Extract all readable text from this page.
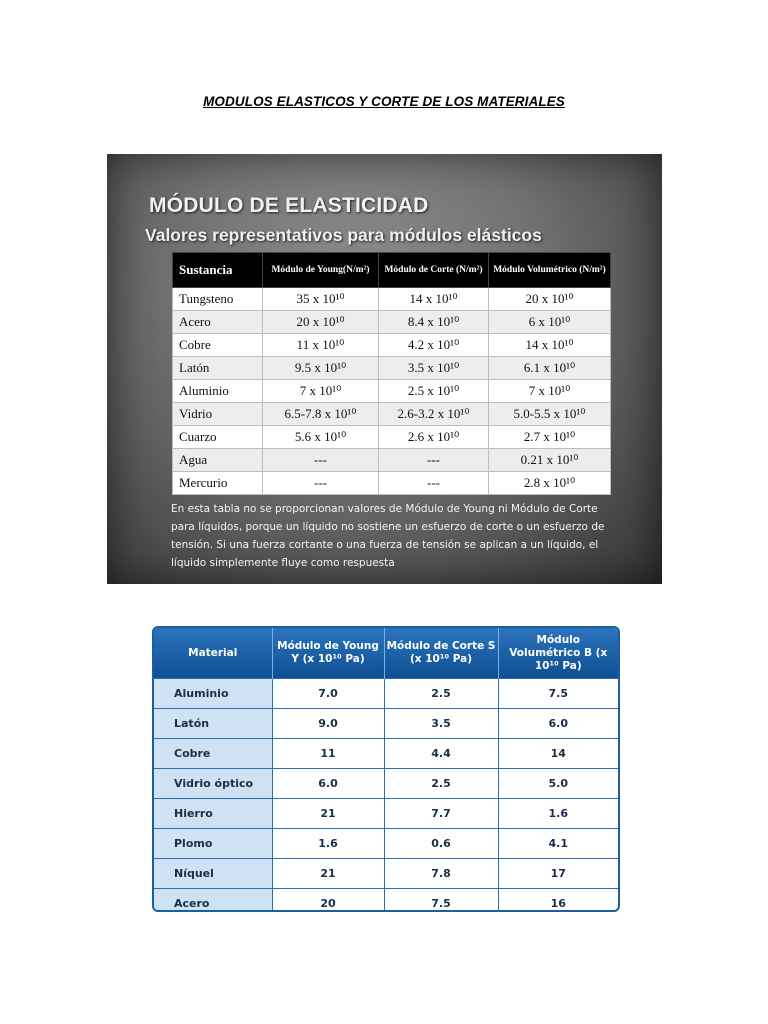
MODULOS ELASTICOS Y CORTE DE LOS MATERIALES
MÓDULO DE ELASTICIDAD
Valores representativos para módulos elásticos
Sustancia	Módulo de Young(N/m²)	Módulo de Corte (N/m²)	Módulo Volumétrico (N/m²)
Tungsteno	35 x 10¹⁰	14 x 10¹⁰	20 x 10¹⁰
Acero	20 x 10¹⁰	8.4 x 10¹⁰	6 x 10¹⁰
Cobre	11 x 10¹⁰	4.2 x 10¹⁰	14 x 10¹⁰
Latón	9.5 x 10¹⁰	3.5 x 10¹⁰	6.1 x 10¹⁰
Aluminio	7 x 10¹⁰	2.5 x 10¹⁰	7 x 10¹⁰
Vidrio	6.5-7.8 x 10¹⁰	2.6-3.2 x 10¹⁰	5.0-5.5 x 10¹⁰
Cuarzo	5.6 x 10¹⁰	2.6 x 10¹⁰	2.7 x 10¹⁰
Agua	---	---	0.21 x 10¹⁰
Mercurio	---	---	2.8 x 10¹⁰
En esta tabla no se proporcionan valores de Módulo de Young ni Módulo de Corte para líquidos, porque un líquido no sostiene un esfuerzo de corte o un esfuerzo de tensión. Si una fuerza cortante o una fuerza de tensión se aplican a un líquido, el líquido simplemente fluye como respuesta
Material	Módulo de Young Y (x 10¹⁰ Pa)	Módulo de Corte S (x 10¹⁰ Pa)	Módulo Volumétrico B (x 10¹⁰ Pa)
Aluminio	7.0	2.5	7.5
Latón	9.0	3.5	6.0
Cobre	11	4.4	14
Vidrio óptico	6.0	2.5	5.0
Hierro	21	7.7	1.6
Plomo	1.6	0.6	4.1
Níquel	21	7.8	17
Acero	20	7.5	16
